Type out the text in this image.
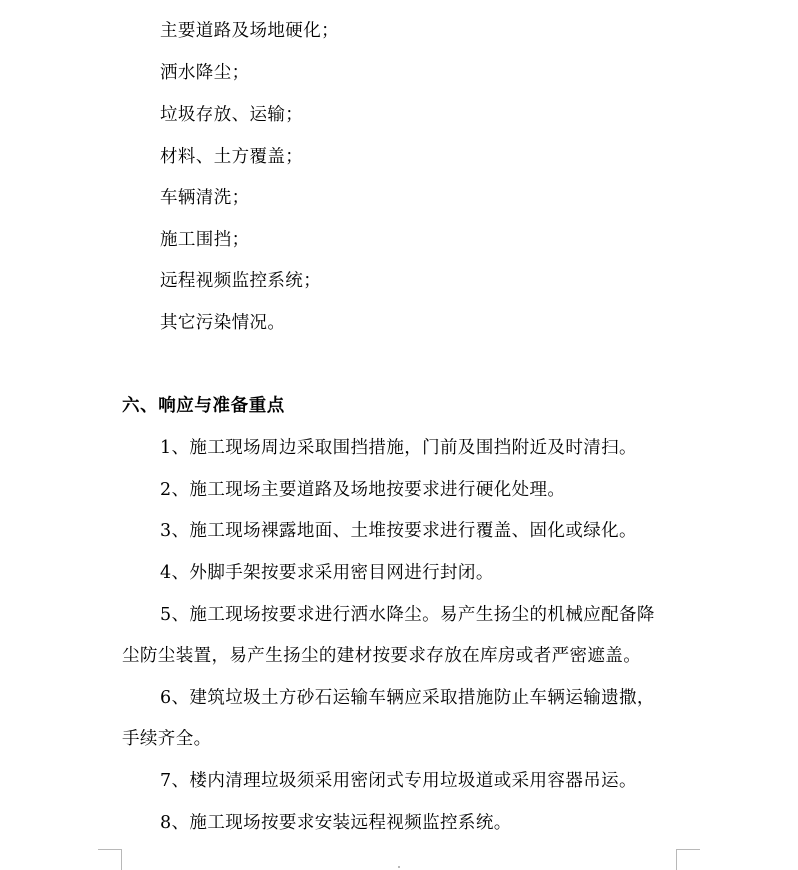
主要道路及场地硬化；
洒水降尘；
垃圾存放、运输；
材料、土方覆盖；
车辆清洗；
施工围挡；
远程视频监控系统；
其它污染情况。
六、响应与准备重点
1、施工现场周边采取围挡措施，门前及围挡附近及时清扫。
2、施工现场主要道路及场地按要求进行硬化处理。
3、施工现场裸露地面、土堆按要求进行覆盖、固化或绿化。
4、外脚手架按要求采用密目网进行封闭。
5、施工现场按要求进行洒水降尘。易产生扬尘的机械应配备降
尘防尘装置，易产生扬尘的建材按要求存放在库房或者严密遮盖。
6、建筑垃圾土方砂石运输车辆应采取措施防止车辆运输遗撒，
手续齐全。
7、楼内清理垃圾须采用密闭式专用垃圾道或采用容器吊运。
8、施工现场按要求安装远程视频监控系统。
